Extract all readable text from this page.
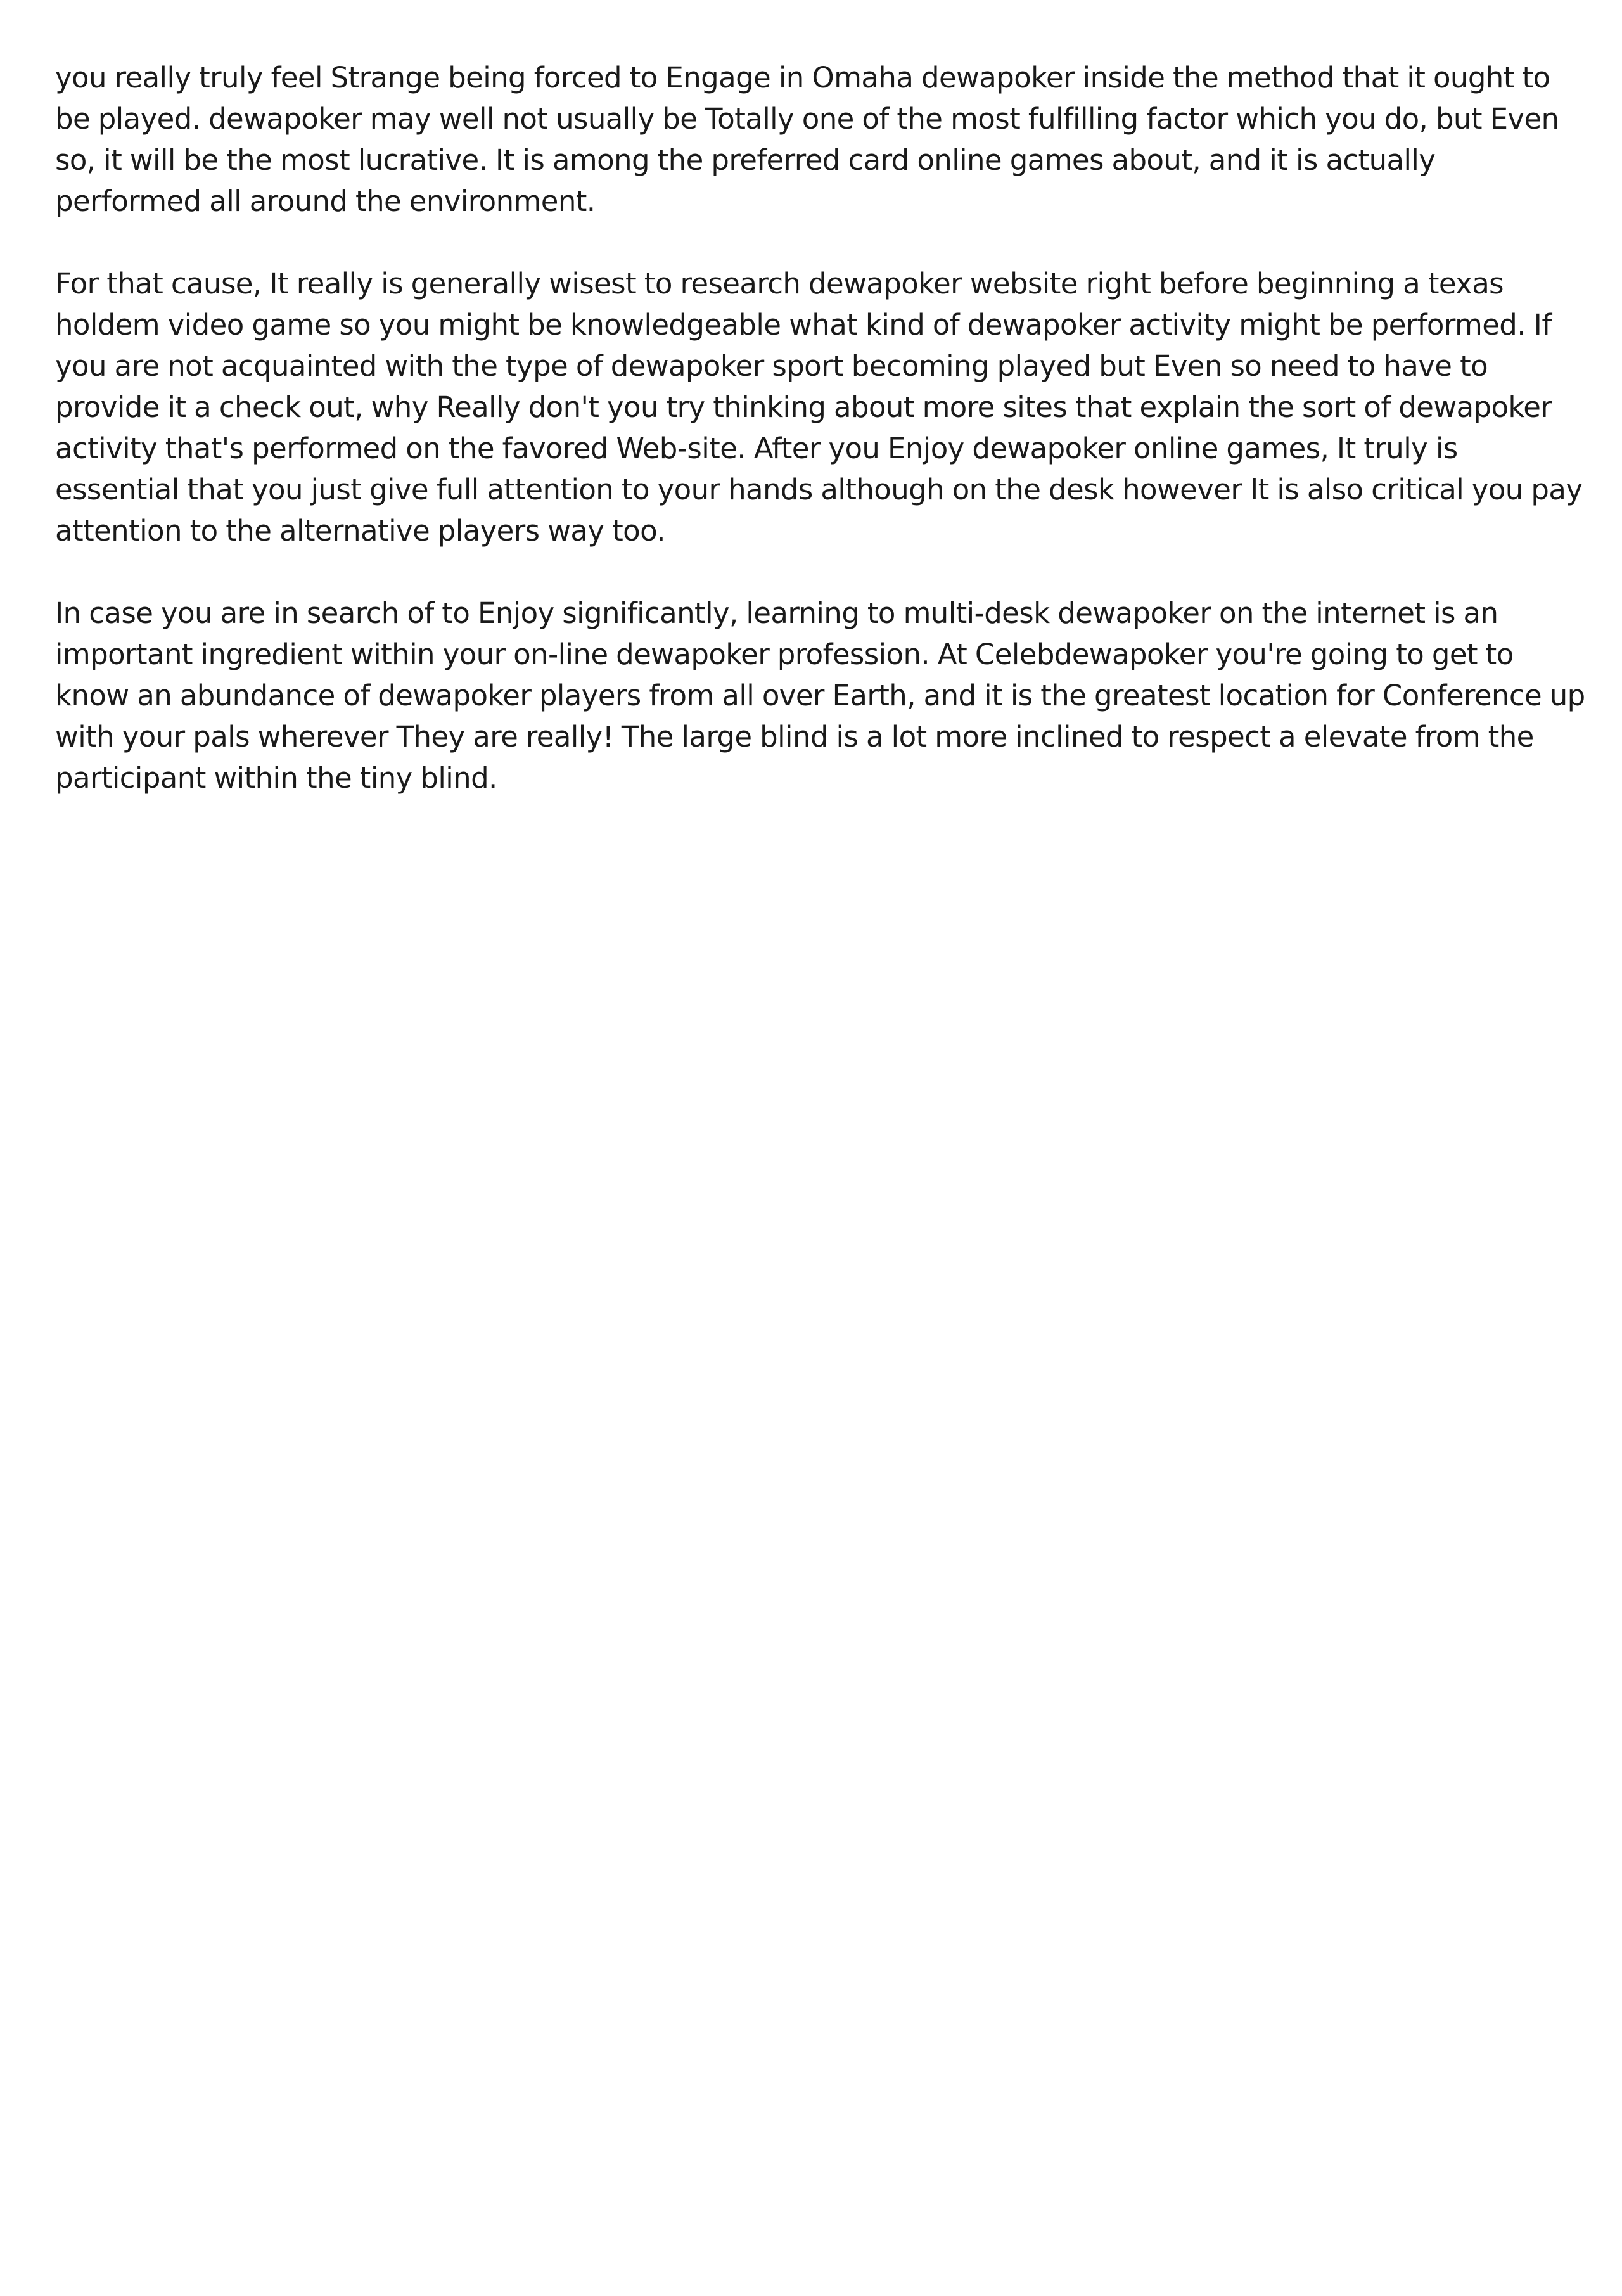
you really truly feel Strange being forced to Engage in Omaha dewapoker inside the method that it ought to be played. dewapoker may well not usually be Totally one of the most fulfilling factor which you do, but Even so, it will be the most lucrative. It is among the preferred card online games about, and it is actually performed all around the environment.

For that cause, It really is generally wisest to research dewapoker website right before beginning a texas holdem video game so you might be knowledgeable what kind of dewapoker activity might be performed. If you are not acquainted with the type of dewapoker sport becoming played but Even so need to have to provide it a check out, why Really don't you try thinking about more sites that explain the sort of dewapoker activity that's performed on the favored Web-site. After you Enjoy dewapoker online games, It truly is essential that you just give full attention to your hands although on the desk however It is also critical you pay attention to the alternative players way too.

In case you are in search of to Enjoy significantly, learning to multi-desk dewapoker on the internet is an important ingredient within your on-line dewapoker profession. At Celebdewapoker you're going to get to know an abundance of dewapoker players from all over Earth, and it is the greatest location for Conference up with your pals wherever They are really! The large blind is a lot more inclined to respect a elevate from the participant within the tiny blind.
